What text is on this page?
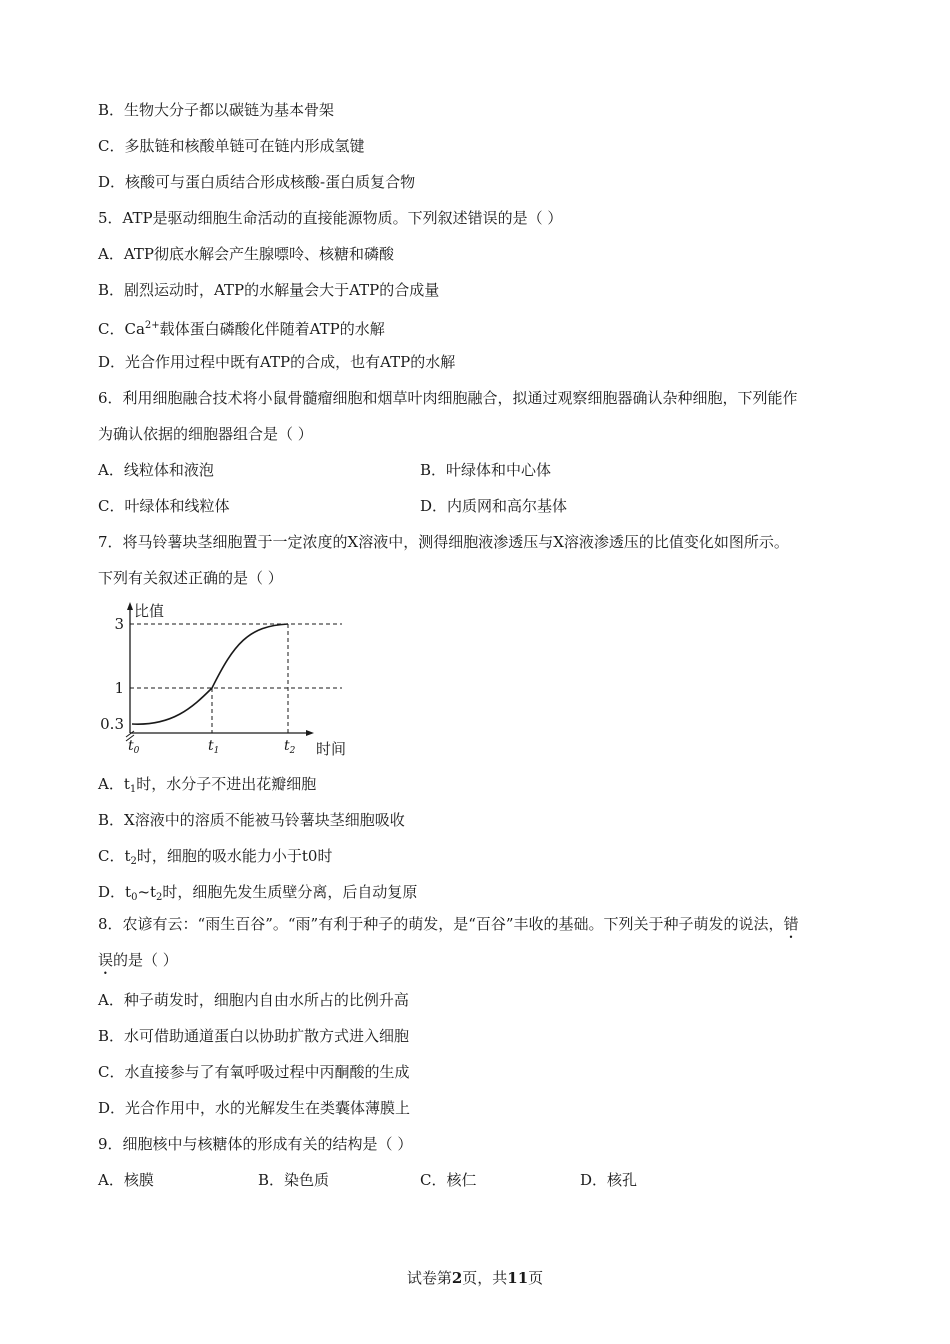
B．生物大分子都以碳链为基本骨架
C．多肽链和核酸单链可在链内形成氢键
D．核酸可与蛋白质结合形成核酸-蛋白质复合物
5．ATP是驱动细胞生命活动的直接能源物质。下列叙述错误的是（ ）
A．ATP彻底水解会产生腺嘌呤、核糖和磷酸
B．剧烈运动时，ATP的水解量会大于ATP的合成量
C．$Ca^{2+}$载体蛋白磷酸化伴随着ATP的水解
D．光合作用过程中既有ATP的合成，也有ATP的水解
6．利用细胞融合技术将小鼠骨髓瘤细胞和烟草叶肉细胞融合，拟通过观察细胞器确认杂种细胞，下列能作
为确认依据的细胞器组合是（ ）
A．线粒体和液泡	B．叶绿体和中心体
C．叶绿体和线粒体	D．内质网和高尔基体
7．将马铃薯块茎细胞置于一定浓度的X溶液中，测得细胞液渗透压与X溶液渗透压的比值变化如图所示。
下列有关叙述正确的是（ ）
比值
时间
0.3
1
3
$t_0$	$t_1$	$t_2$
A．$t_1$时，水分子不进出花瓣细胞
B．X溶液中的溶质不能被马铃薯块茎细胞吸收
C．$t_2$时，细胞的吸水能力小于t0时
D．$t_0\sim t_2$时，细胞先发生质壁分离，后自动复原
8．农谚有云：“雨生百谷”。“雨”有利于种子的萌发，是“百谷”丰收的基础。下列关于种子萌发的说法，错
误的是（ ）
A．种子萌发时，细胞内自由水所占的比例升高
B．水可借助通道蛋白以协助扩散方式进入细胞
C．水直接参与了有氧呼吸过程中丙酮酸的生成
D．光合作用中，水的光解发生在类囊体薄膜上
9．细胞核中与核糖体的形成有关的结构是（ ）
A．核膜	B．染色质	C．核仁	D．核孔
试卷第2页，共11页
